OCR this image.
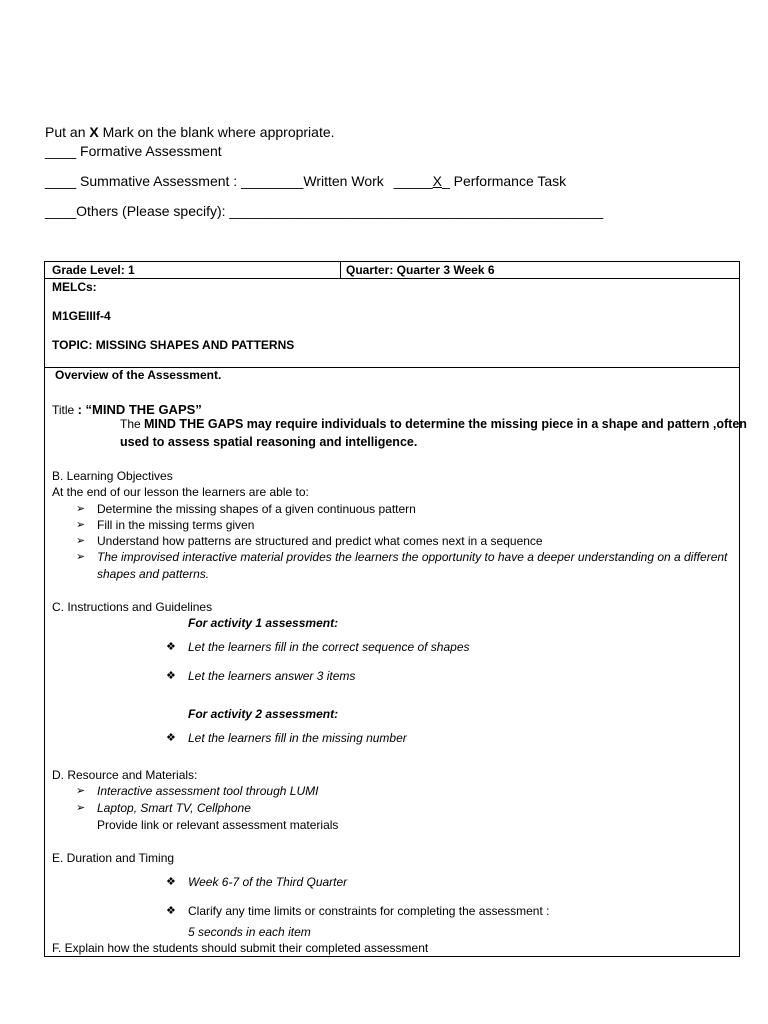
Put an X Mark on the blank where appropriate.
____ Formative Assessment
____ Summative Assessment : ________Written Work _____X_ Performance Task
____Others (Please specify): ________________________________________________
Grade Level: 1	Quarter: Quarter 3 Week 6
MELCs:
M1GEIIIf-4
TOPIC: MISSING SHAPES AND PATTERNS
Overview of the Assessment.
Title : “MIND THE GAPS”
The MIND THE GAPS may require individuals to determine the missing piece in a shape and pattern ,often
used to assess spatial reasoning and intelligence.
B. Learning Objectives
At the end of our lesson the learners are able to:
➢ Determine the missing shapes of a given continuous pattern
➢ Fill in the missing terms given
➢ Understand how patterns are structured and predict what comes next in a sequence
➢ The improvised interactive material provides the learners the opportunity to have a deeper understanding on a different
shapes and patterns.
C. Instructions and Guidelines
For activity 1 assessment:
❖ Let the learners fill in the correct sequence of shapes
❖ Let the learners answer 3 items
For activity 2 assessment:
❖ Let the learners fill in the missing number
D. Resource and Materials:
➢ Interactive assessment tool through LUMI
➢ Laptop, Smart TV, Cellphone
Provide link or relevant assessment materials
E. Duration and Timing
❖ Week 6-7 of the Third Quarter
❖ Clarify any time limits or constraints for completing the assessment :
5 seconds in each item
F. Explain how the students should submit their completed assessment
